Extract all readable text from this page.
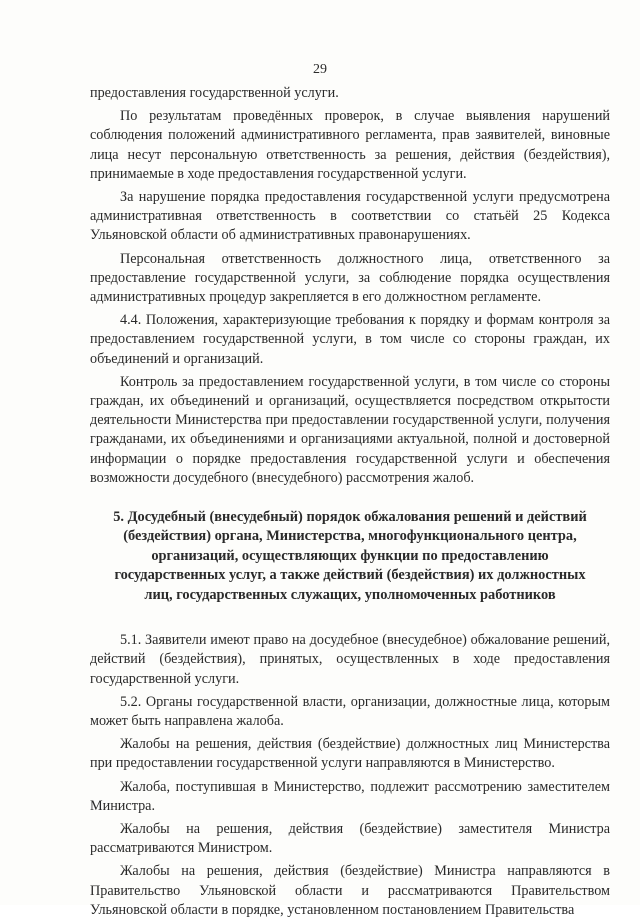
29

предоставления государственной услуги.

По результатам проведённых проверок, в случае выявления нарушений соблюдения положений административного регламента, прав заявителей, виновные лица несут персональную ответственность за решения, действия (бездействия), принимаемые в ходе предоставления государственной услуги.

За нарушение порядка предоставления государственной услуги предусмотрена административная ответственность в соответствии со статьёй 25 Кодекса Ульяновской области об административных правонарушениях.

Персональная ответственность должностного лица, ответственного за предоставление государственной услуги, за соблюдение порядка осуществления административных процедур закрепляется в его должностном регламенте.

4.4. Положения, характеризующие требования к порядку и формам контроля за предоставлением государственной услуги, в том числе со стороны граждан, их объединений и организаций.

Контроль за предоставлением государственной услуги, в том числе со стороны граждан, их объединений и организаций, осуществляется посредством открытости деятельности Министерства при предоставлении государственной услуги, получения гражданами, их объединениями и организациями актуальной, полной и достоверной информации о порядке предоставления государственной услуги и обеспечения возможности досудебного (внесудебного) рассмотрения жалоб.

5. Досудебный (внесудебный) порядок обжалования решений и действий (бездействия) органа, Министерства, многофункционального центра, организаций, осуществляющих функции по предоставлению государственных услуг, а также действий (бездействия) их должностных лиц, государственных служащих, уполномоченных работников

5.1. Заявители имеют право на досудебное (внесудебное) обжалование решений, действий (бездействия), принятых, осуществленных в ходе предоставления государственной услуги.

5.2. Органы государственной власти, организации, должностные лица, которым может быть направлена жалоба.

Жалобы на решения, действия (бездействие) должностных лиц Министерства при предоставлении государственной услуги направляются в Министерство.

Жалоба, поступившая в Министерство, подлежит рассмотрению заместителем Министра.

Жалобы на решения, действия (бездействие) заместителя Министра рассматриваются Министром.

Жалобы на решения, действия (бездействие) Министра направляются в Правительство Ульяновской области и рассматриваются Правительством Ульяновской области в порядке, установленном постановлением Правительства
